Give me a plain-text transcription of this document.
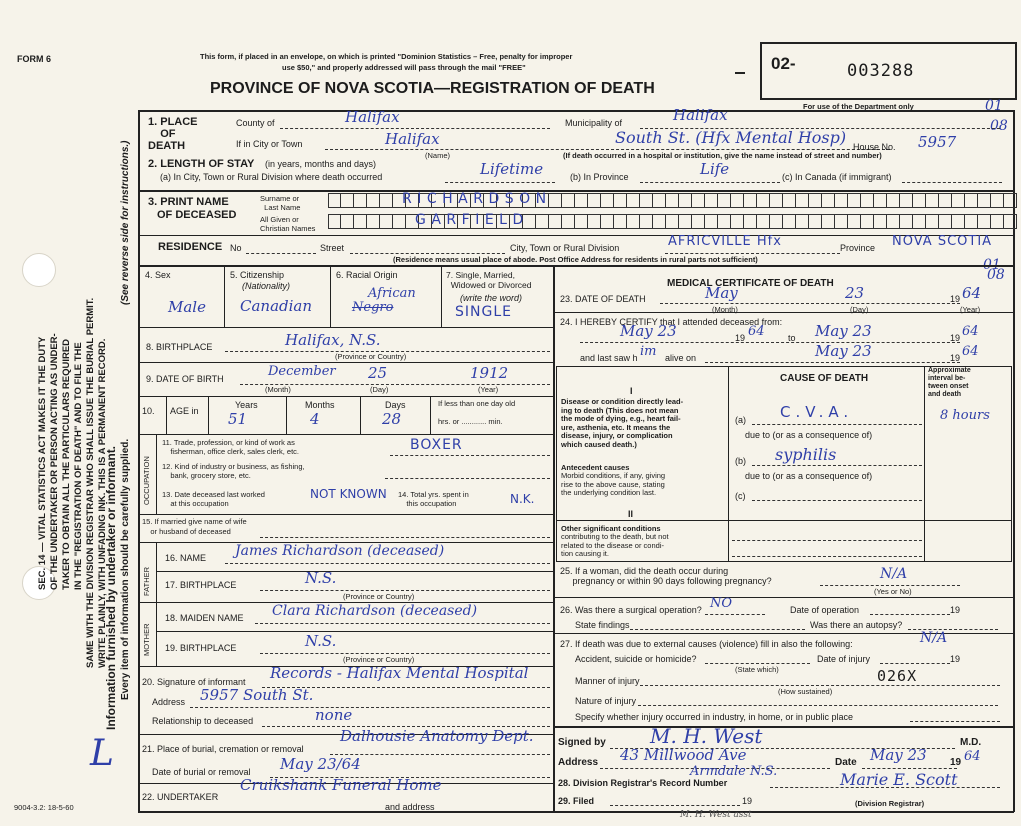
FORM 6	This form, if placed in an envelope, on which is printed "Dominion Statistics – Free, penalty for improper
use $50," and properly addressed will pass through the mail "FREE"
PROVINCE OF NOVA SCOTIA—REGISTRATION OF DEATH
02-	003288
For use of the Department only	01
08
01
08
SEC. 14 — VITAL STATISTICS ACT MAKES IT THE DUTY OF THE UNDERTAKER OR PERSON ACTING AS UNDER- TAKER TO OBTAIN ALL THE PARTICULARS REQUIRED IN THE "REGISTRATION OF DEATH" AND TO FILE THE SAME WITH THE DIVISION REGISTRAR WHO SHALL ISSUE THE BURIAL PERMIT. WRITE PLAINLY, WITH UNFADING INK. THIS IS A PERMANENT RECORD.
Information furnished by undertaker or informant. Every item of information should be carefully supplied.
(See reverse side for instructions.)
L
9004-3.2: 18-5-60
1. PLACE
OF
DEATH
County of	Halifax	Municipality of	Halifax
If in City or Town	Halifax
(Name)
South St. (Hfx Mental Hosp) House No. 5957
(If death occurred in a hospital or institution, give the name instead of street and number)
2. LENGTH OF STAY (in years, months and days)
(a) In City, Town or Rural Division where death occurred	Lifetime	(b) In Province	Life	(c) In Canada (if immigrant)
3. PRINT NAME
OF DECEASED
Surname or
Last Name
All Given or
Christian Names
RICHARDSON
GARFIELD
RESIDENCE No	Street	City, Town or Rural Division	AFRICVILLE Hfx	Province NOVA SCOTIA
(Residence means usual place of abode. Post Office Address for residents in rural parts not sufficient)
4. Sex
Male
5. Citizenship
(Nationality)
Canadian
6. Racial Origin
African
Negro
7. Single, Married,
Widowed or Divorced
(write the word)
SINGLE
8. BIRTHPLACE	Halifax, N.S.
(Province or Country)
9. DATE OF BIRTH	December 25	1912
(Month)	(Day)	(Year)
10. AGE in
Years	Months	Days
51	4	28
If less than one day old
hrs. or ............ min.
OCCUPATION
11. Trade, profession, or kind of work as
fisherman, office clerk, sales clerk, etc.	BOXER
12. Kind of industry or business, as fishing,
bank, grocery store, etc.
13. Date deceased last worked
at this occupation
NOT KNOWN 14. Total yrs. spent in
this occupation	N.K.
15. If married give name of wife
or husband of deceased
FATHER
MOTHER
16. NAME James Richardson (deceased)
17. BIRTHPLACE	N.S.
(Province or Country)
18. MAIDEN NAME Clara Richardson (deceased)
19. BIRTHPLACE	N.S.
(Province or Country)
20. Signature of informant Records - Halifax Mental Hospital
Address 5957 South St.
Relationship to deceased	none
21. Place of burial, cremation or removal
Dalhousie Anatomy Dept.
Date of burial or removal May 23/64
22. UNDERTAKER
Cruikshank Funeral Home
and address
MEDICAL CERTIFICATE OF DEATH
23. DATE OF DEATH	May	23	19 64
(Month)	(Day)	(Year)
24. I HEREBY CERTIFY that I attended deceased from:
May 23	19 64	to May 23	19 64
and last saw h im alive on	May 23	19 64
CAUSE OF DEATH
Approximate
interval be-
tween onset
and death
I
Disease or condition directly lead-
ing to death (This does not mean
the mode of dying, e.g., heart fail-
ure, asthenia, etc. It means the
disease, injury, or complication
which caused death.)
(a) C.V.A.	8 hours
due to (or as a consequence of)
Antecedent causes
Morbid conditions, if any, giving
rise to the above cause, stating
the underlying condition last.
(b) syphilis
due to (or as a consequence of)
(c)
II
Other significant conditions
contributing to the death, but not
related to the disease or condi-
tion causing it.
25. If a woman, did the death occur during
pregnancy or within 90 days following pregnancy?	N/A
(Yes or No)
26. Was there a surgical operation? NO	Date of operation	19
State findings	Was there an autopsy?
27. If death was due to external causes (violence) fill in also the following:	N/A
Accident, suicide or homicide?	Date of injury	19
(State which)
Manner of injury	026X
(How sustained)
Nature of injury
Specify whether injury occurred in industry, in home, or in public place
Signed by M. H. West	M.D.
Address 43 Millwood Ave	Date May 23 19 64
Armdale N.S.
28. Division Registrar's Record Number	Marie E. Scott
29. Filed	19	(Division Registrar)
M. H. West asst
